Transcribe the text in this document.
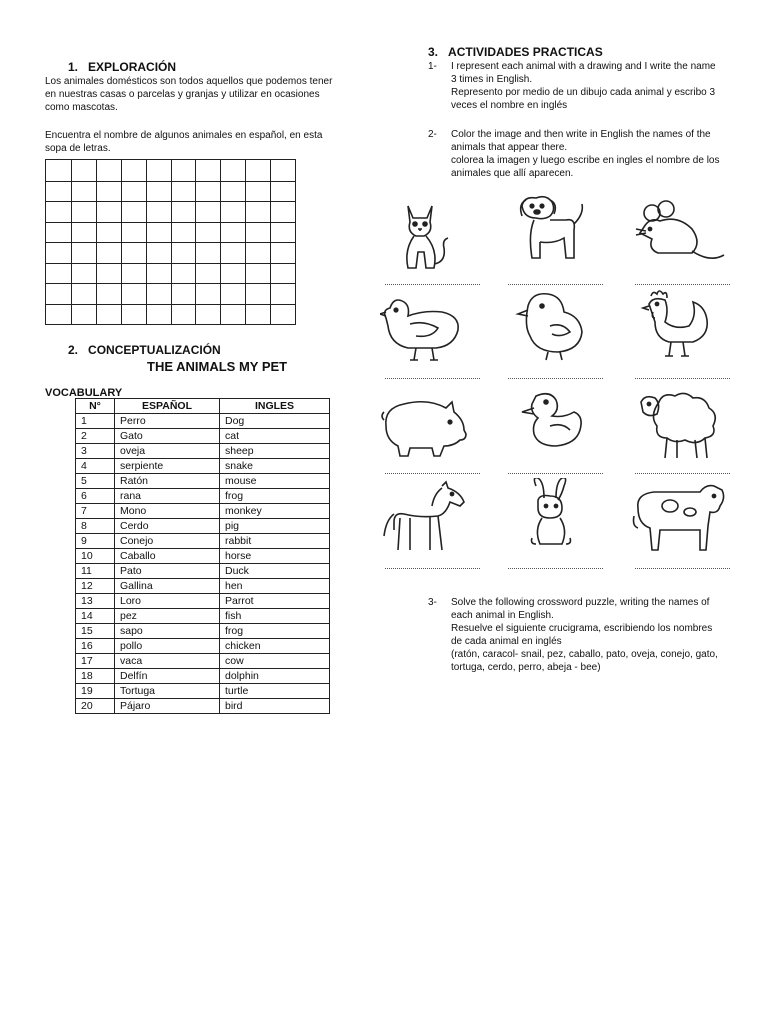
1. EXPLORACIÓN
Los animales domésticos son todos aquellos que podemos tener en nuestras casas o parcelas y granjas y utilizar en ocasiones como mascotas.
Encuentra el nombre de algunos animales en español, en esta sopa de letras.
2. CONCEPTUALIZACIÓN
THE ANIMALS MY PET
VOCABULARY
N°	ESPAÑOL	INGLES
1	Perro	Dog
2	Gato	cat
3	oveja	sheep
4	serpiente	snake
5	Ratón	mouse
6	rana	frog
7	Mono	monkey
8	Cerdo	pig
9	Conejo	rabbit
10	Caballo	horse
11	Pato	Duck
12	Gallina	hen
13	Loro	Parrot
14	pez	fish
15	sapo	frog
16	pollo	chicken
17	vaca	cow
18	Delfín	dolphin
19	Tortuga	turtle
20	Pájaro	bird
3. ACTIVIDADES PRACTICAS
1- I represent each animal with a drawing and I write the name 3 times in English.
Represento por medio de un dibujo cada animal y escribo 3 veces el nombre en inglés
2- Color the image and then write in English the names of the animals that appear there.
colorea la imagen y luego escribe en ingles el nombre de los animales que allí aparecen.
3- Solve the following crossword puzzle, writing the names of each animal in English.
Resuelve el siguiente crucigrama, escribiendo los nombres de cada animal en inglés
(ratón, caracol- snail, pez, caballo, pato, oveja, conejo, gato, tortuga, cerdo, perro, abeja - bee)
